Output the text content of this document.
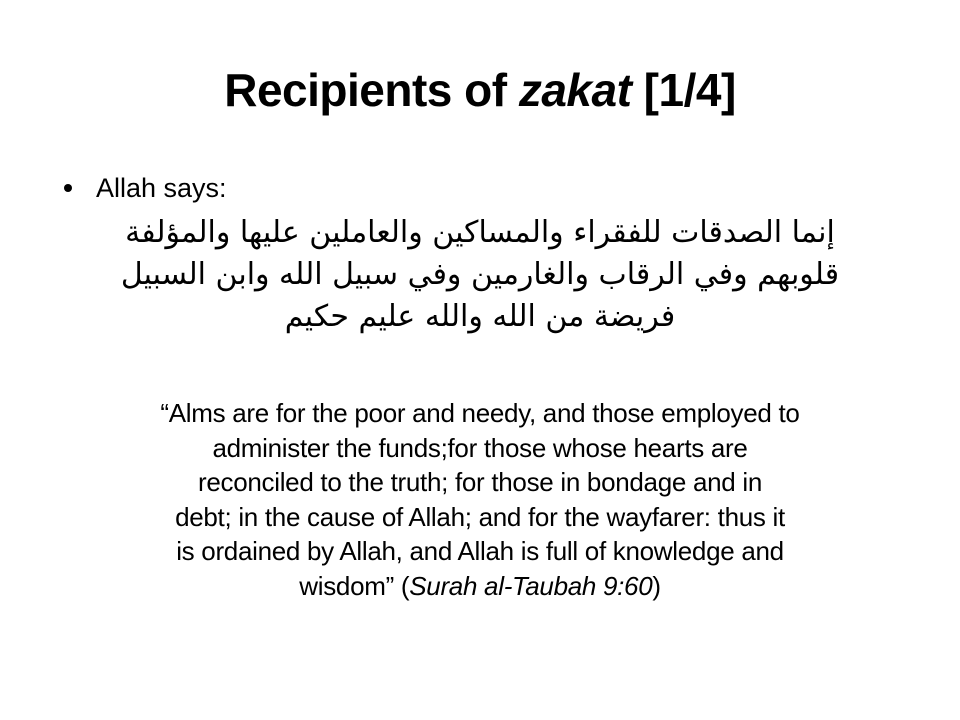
Recipients of zakat [1/4]
Allah says:
إنما الصدقات للفقراء والمساكين والعاملين عليها والمؤلفة
قلوبهم وفي الرقاب والغارمين وفي سبيل الله وابن السبيل
فريضة من الله والله عليم حكيم
“Alms are for the poor and needy, and those employed to
administer the funds;for those whose hearts are
reconciled to the truth; for those in bondage and in
debt; in the cause of Allah; and for the wayfarer: thus it
is ordained by Allah, and Allah is full of knowledge and
wisdom” (Surah al-Taubah 9:60)
